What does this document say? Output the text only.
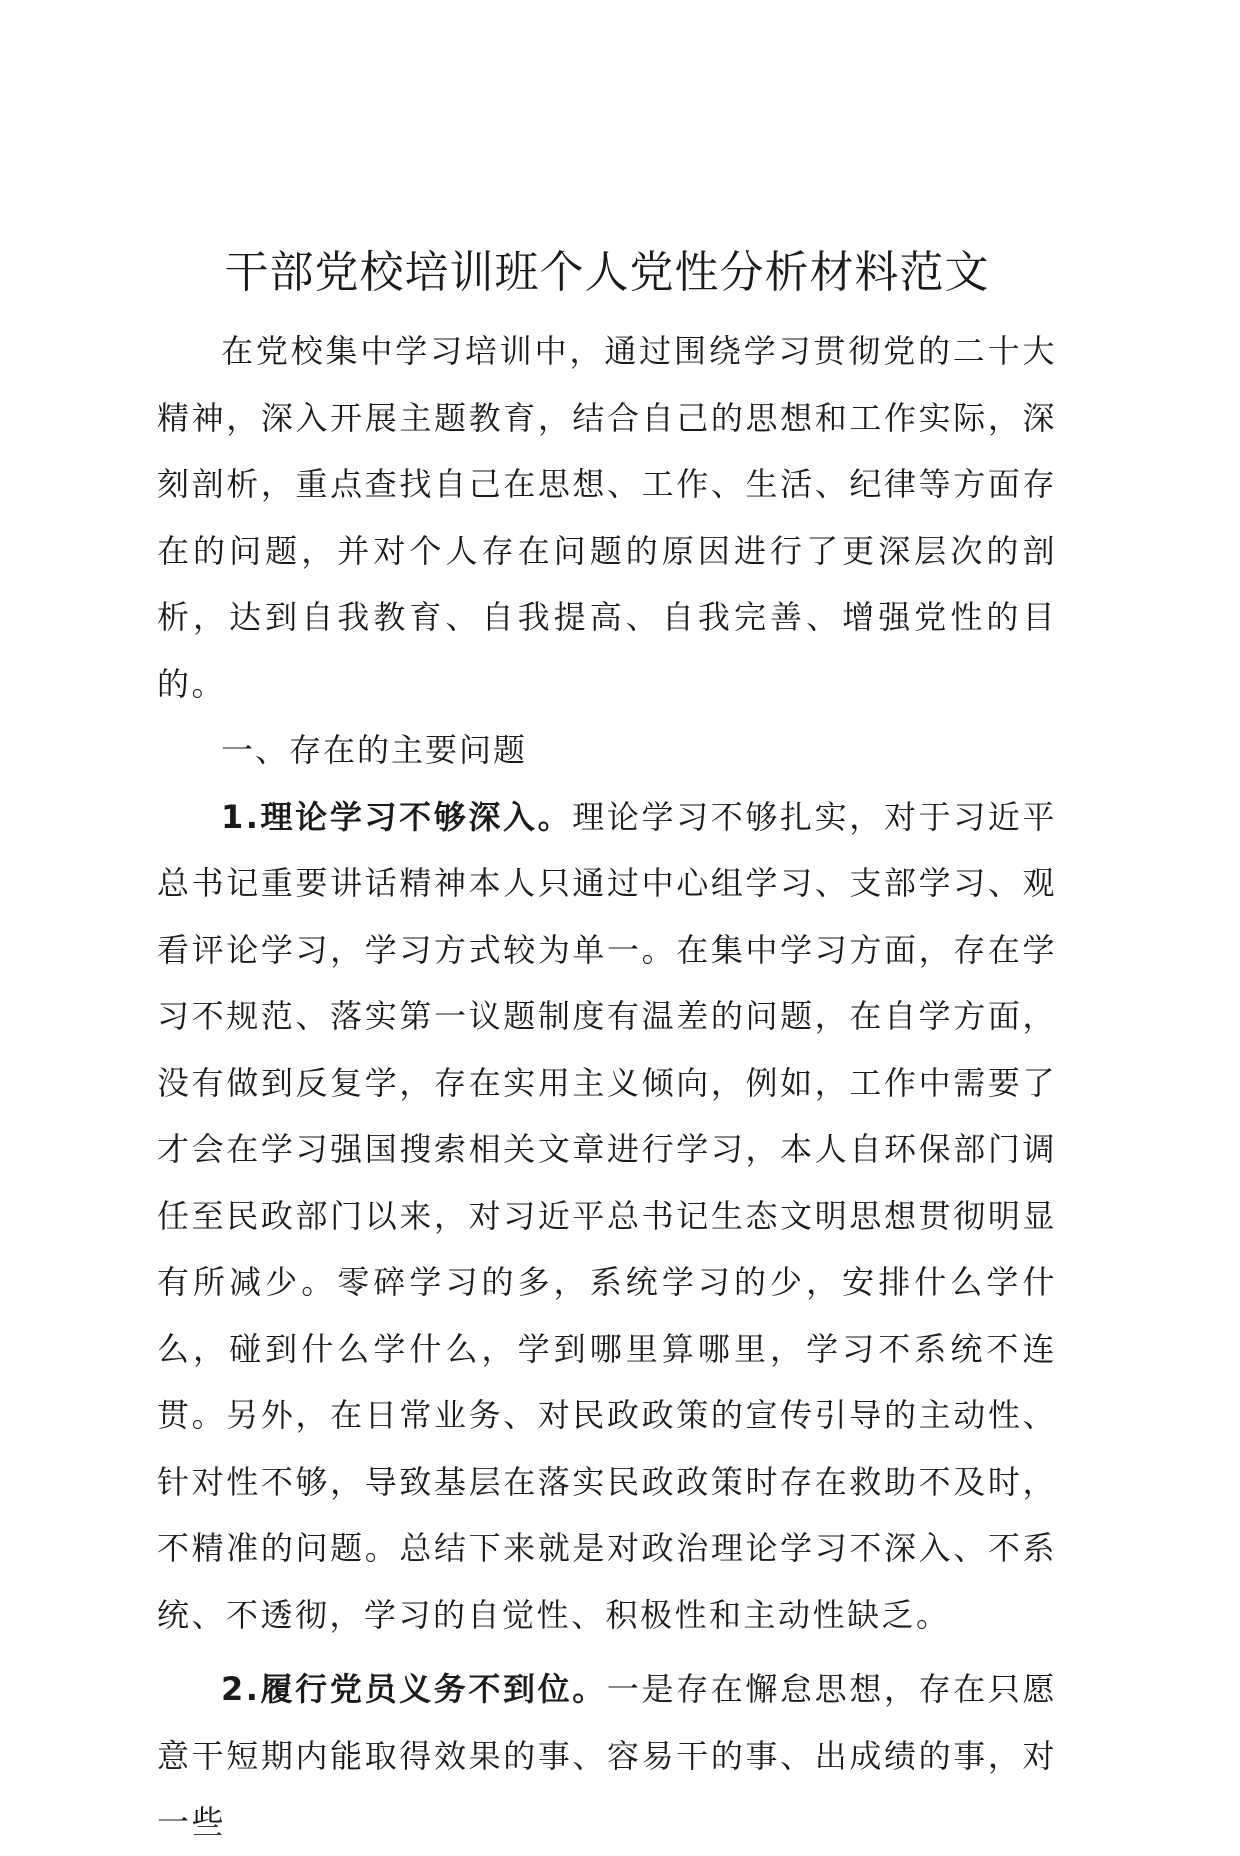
干部党校培训班个人党性分析材料范文

在党校集中学习培训中，通过围绕学习贯彻党的二十大精神，深入开展主题教育，结合自己的思想和工作实际，深刻剖析，重点查找自己在思想、工作、生活、纪律等方面存在的问题，并对个人存在问题的原因进行了更深层次的剖析，达到自我教育、自我提高、自我完善、增强党性的目的。

一、存在的主要问题

1.理论学习不够深入。理论学习不够扎实，对于习近平总书记重要讲话精神本人只通过中心组学习、支部学习、观看评论学习，学习方式较为单一。在集中学习方面，存在学习不规范、落实第一议题制度有温差的问题，在自学方面，没有做到反复学，存在实用主义倾向，例如，工作中需要了才会在学习强国搜索相关文章进行学习，本人自环保部门调任至民政部门以来，对习近平总书记生态文明思想贯彻明显有所减少。零碎学习的多，系统学习的少，安排什么学什么，碰到什么学什么，学到哪里算哪里，学习不系统不连贯。另外，在日常业务、对民政政策的宣传引导的主动性、针对性不够，导致基层在落实民政政策时存在救助不及时，不精准的问题。总结下来就是对政治理论学习不深入、不系统、不透彻，学习的自觉性、积极性和主动性缺乏。

2.履行党员义务不到位。一是存在懈怠思想，存在只愿意干短期内能取得效果的事、容易干的事、出成绩的事，对一些
